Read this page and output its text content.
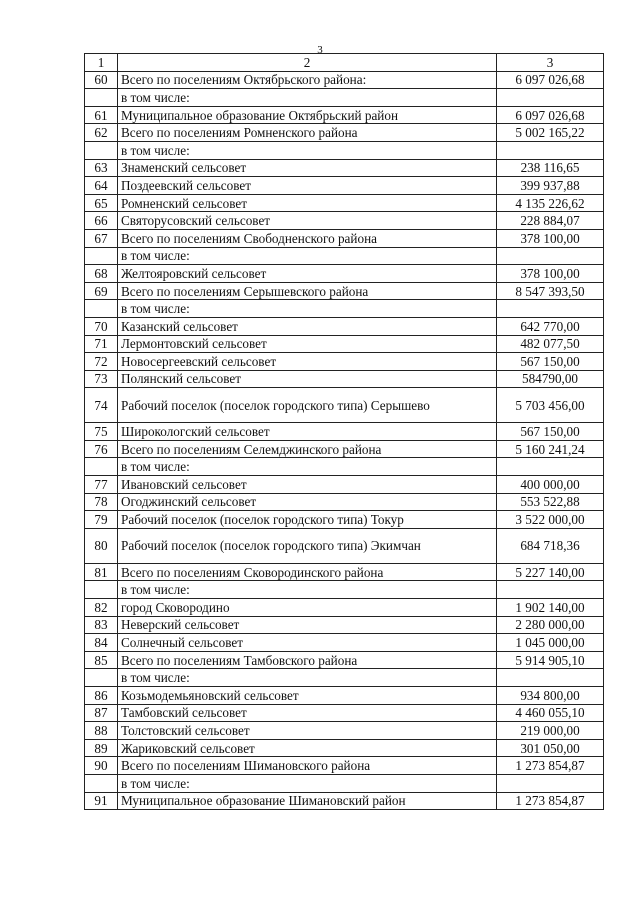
3
1	2	3
60	Всего по поселениям Октябрьского района:	6 097 026,68
	в том числе:	
61	Муниципальное образование Октябрьский район	6 097 026,68
62	Всего по поселениям Ромненского района	5 002 165,22
	в том числе:	
63	Знаменский сельсовет	238 116,65
64	Поздеевский сельсовет	399 937,88
65	Ромненский сельсовет	4 135 226,62
66	Святорусовский сельсовет	228 884,07
67	Всего по поселениям Свободненского района	378 100,00
	в том числе:	
68	Желтояровский сельсовет	378 100,00
69	Всего по поселениям Серышевского района	8 547 393,50
	в том числе:	
70	Казанский сельсовет	642 770,00
71	Лермонтовский сельсовет	482 077,50
72	Новосергеевский сельсовет	567 150,00
73	Полянский сельсовет	584790,00
74	Рабочий поселок (поселок городского типа) Серышево	5 703 456,00
75	Широкологский сельсовет	567 150,00
76	Всего по поселениям Селемджинского района	5 160 241,24
	в том числе:	
77	Ивановский сельсовет	400 000,00
78	Огоджинский сельсовет	553 522,88
79	Рабочий поселок (поселок городского типа) Токур	3 522 000,00
80	Рабочий поселок (поселок городского типа) Экимчан	684 718,36
81	Всего по поселениям Сковородинского района	5 227 140,00
	в том числе:	
82	город Сковородино	1 902 140,00
83	Неверский сельсовет	2 280 000,00
84	Солнечный сельсовет	1 045 000,00
85	Всего по поселениям Тамбовского района	5 914 905,10
	в том числе:	
86	Козьмодемьяновский сельсовет	934 800,00
87	Тамбовский сельсовет	4 460 055,10
88	Толстовский сельсовет	219 000,00
89	Жариковский сельсовет	301 050,00
90	Всего по поселениям Шимановского района	1 273 854,87
	в том числе:	
91	Муниципальное образование Шимановский район	1 273 854,87
